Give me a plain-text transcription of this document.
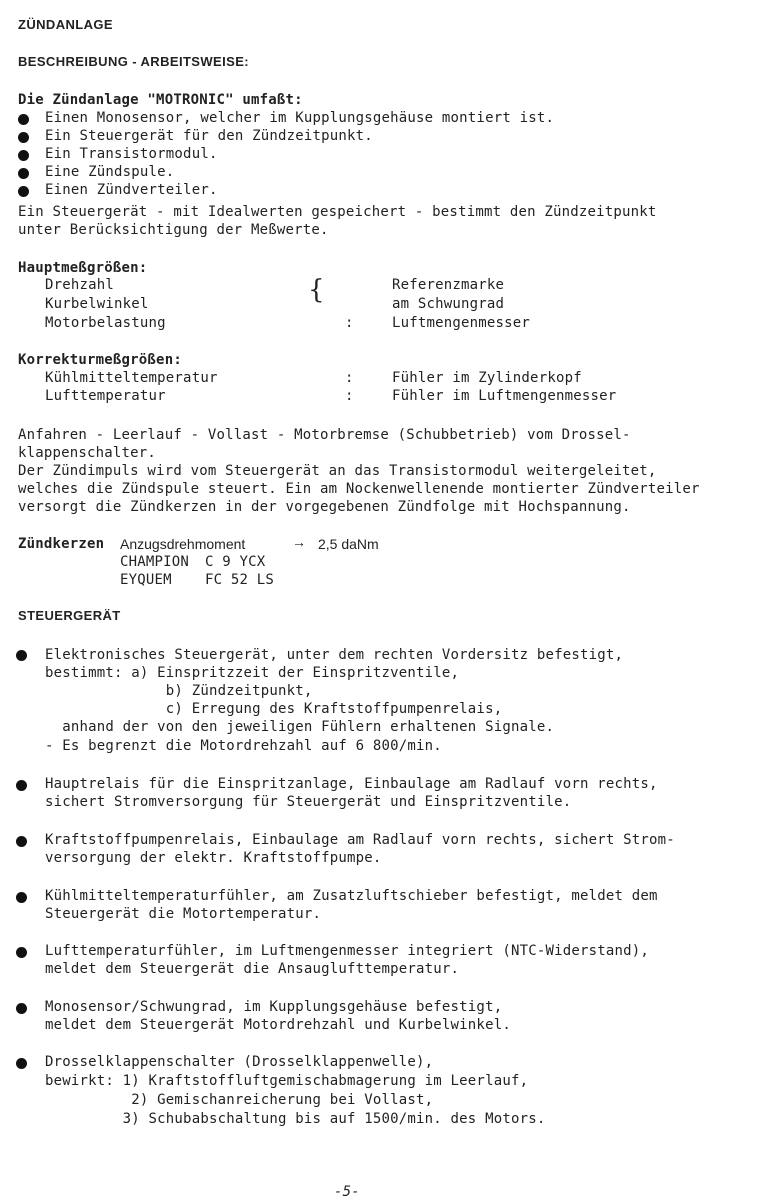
ZÜNDANLAGE
BESCHREIBUNG - ARBEITSWEISE:
Die Zündanlage "MOTRONIC" umfaßt:
Einen Monosensor, welcher im Kupplungsgehäuse montiert ist.
Ein Steuergerät für den Zündzeitpunkt.
Ein Transistormodul.
Eine Zündspule.
Einen Zündverteiler.
Ein Steuergerät - mit Idealwerten gespeichert - bestimmt den Zündzeitpunkt
unter Berücksichtigung der Meßwerte.
Hauptmeßgrößen:
Drehzahl	Referenzmarke
Kurbelwinkel	am Schwungrad
{
Motorbelastung	:	Luftmengenmesser
Korrekturmeßgrößen:
Kühlmitteltemperatur	:	Fühler im Zylinderkopf
Lufttemperatur	:	Fühler im Luftmengenmesser
Anfahren - Leerlauf - Vollast - Motorbremse (Schubbetrieb) vom Drossel-
klappenschalter.
Der Zündimpuls wird vom Steuergerät an das Transistormodul weitergeleitet,
welches die Zündspule steuert. Ein am Nockenwellenende montierter Zündverteiler
versorgt die Zündkerzen in der vorgegebenen Zündfolge mit Hochspannung.
Zündkerzen Anzugsdrehmoment	→ 2,5 daNm
CHAMPION C 9 YCX
EYQUEM FC 52 LS
STEUERGERÄT
Elektronisches Steuergerät, unter dem rechten Vordersitz befestigt,
bestimmt: a) Einspritzzeit der Einspritzventile,
b) Zündzeitpunkt,
c) Erregung des Kraftstoffpumpenrelais,
anhand der von den jeweiligen Fühlern erhaltenen Signale.
- Es begrenzt die Motordrehzahl auf 6 800/min.
Hauptrelais für die Einspritzanlage, Einbaulage am Radlauf vorn rechts,
sichert Stromversorgung für Steuergerät und Einspritzventile.
Kraftstoffpumpenrelais, Einbaulage am Radlauf vorn rechts, sichert Strom-
versorgung der elektr. Kraftstoffpumpe.
Kühlmitteltemperaturfühler, am Zusatzluftschieber befestigt, meldet dem
Steuergerät die Motortemperatur.
Lufttemperaturfühler, im Luftmengenmesser integriert (NTC-Widerstand),
meldet dem Steuergerät die Ansauglufttemperatur.
Monosensor/Schwungrad, im Kupplungsgehäuse befestigt,
meldet dem Steuergerät Motordrehzahl und Kurbelwinkel.
Drosselklappenschalter (Drosselklappenwelle),
bewirkt: 1) Kraftstoffluftgemischabmagerung im Leerlauf,
2) Gemischanreicherung bei Vollast,
3) Schubabschaltung bis auf 1500/min. des Motors.
-5-
